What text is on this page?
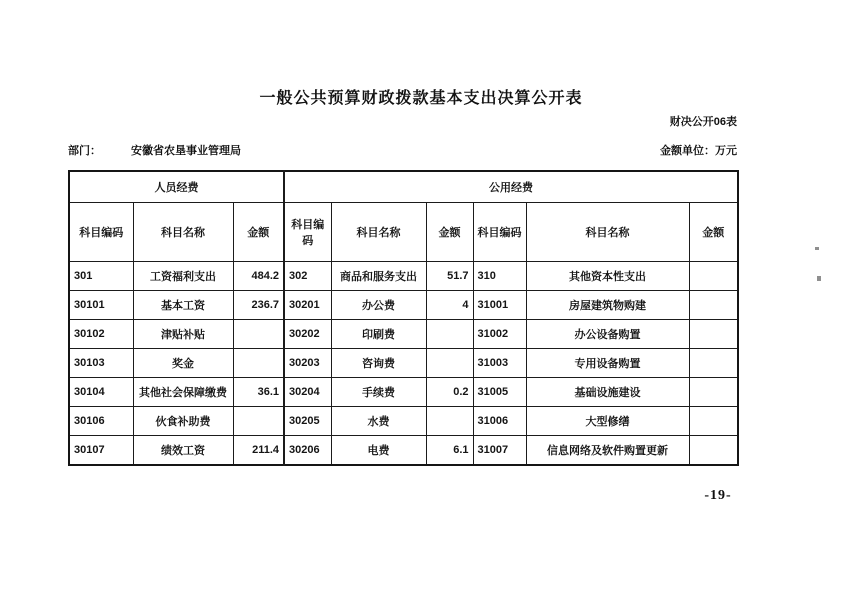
一般公共预算财政拨款基本支出决算公开表
财决公开06表
部门：	安徽省农垦事业管理局	金额单位：万元
人员经费			公用经费					
科目编码	科目名称	金额	科目编码	科目名称	金额	科目编码	科目名称	金额
301	工资福利支出	484.2	302	商品和服务支出	51.7	310	其他资本性支出	
30101	基本工资	236.7	30201	办公费	4	31001	房屋建筑物购建	
30102	津贴补贴		30202	印刷费		31002	办公设备购置	
30103	奖金		30203	咨询费		31003	专用设备购置	
30104	其他社会保障缴费	36.1	30204	手续费	0.2	31005	基础设施建设	
30106	伙食补助费		30205	水费		31006	大型修缮	
30107	绩效工资	211.4	30206	电费	6.1	31007	信息网络及软件购置更新	
-19-
